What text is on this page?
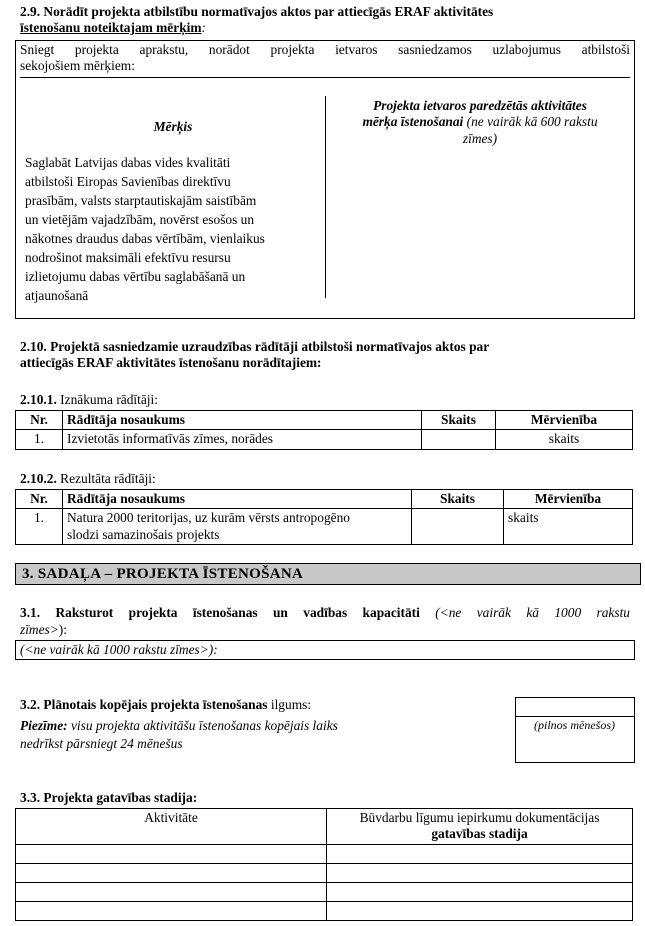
2.9. Norādīt projekta atbilstību normatīvajos aktos par attiecīgās ERAF aktivitātes
īstenošanu noteiktajam mērķim:
Sniegt projekta aprakstu, norādot projekta ietvaros sasniedzamos uzlabojumus atbilstoši
sekojošiem mērķiem:
Mērķis
Projekta ietvaros paredzētās aktivitātes
mērķa īstenošanai (ne vairāk kā 600 rakstu
zīmes)
Saglabāt Latvijas dabas vides kvalitāti
atbilstoši Eiropas Savienības direktīvu
prasībām, valsts starptautiskajām saistībām
un vietējām vajadzībām, novērst esošos un
nākotnes draudus dabas vērtībām, vienlaikus
nodrošinot maksimāli efektīvu resursu
izlietojumu dabas vērtību saglabāšanā un
atjaunošanā
2.10. Projektā sasniedzamie uzraudzības rādītāji atbilstoši normatīvajos aktos par
attiecīgās ERAF aktivitātes īstenošanu norādītajiem:
2.10.1. Iznākuma rādītāji:
Nr.	Rādītāja nosaukums	Skaits	Mērvienība
1.	Izvietotās informatīvās zīmes, norādes		skaits
2.10.2. Rezultāta rādītāji:
Nr.	Rādītāja nosaukums	Skaits	Mērvienība
1.	Natura 2000 teritorijas, uz kurām vērsts antropogēno
slodzi samazinošais projekts		skaits
3. SADAĻA – PROJEKTA ĪSTENOŠANA
3.1. Raksturot projekta īstenošanas un vadības kapacitāti (<ne vairāk kā 1000 rakstu
zīmes>):
(<ne vairāk kā 1000 rakstu zīmes>):
3.2. Plānotais kopējais projekta īstenošanas ilgums:
Piezīme: visu projekta aktivitāšu īstenošanas kopējais laiks
nedrīkst pārsniegt 24 mēnešus
(pilnos mēnešos)
3.3. Projekta gatavības stadija:
Aktivitāte	Būvdarbu līgumu iepirkumu dokumentācijas
gatavības stadija
